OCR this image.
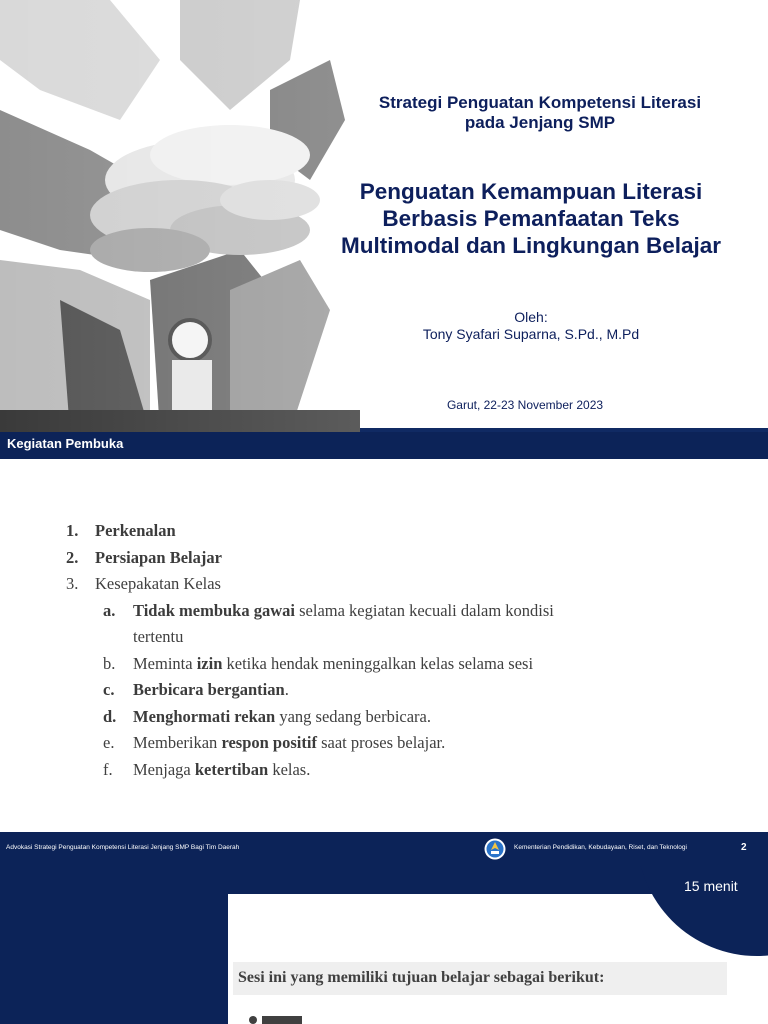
Strategi Penguatan Kompetensi Literasi
pada Jenjang SMP
Penguatan Kemampuan Literasi
Berbasis Pemanfaatan Teks
Multimodal dan Lingkungan Belajar
Oleh:
Tony Syafari Suparna, S.Pd., M.Pd
Garut, 22-23 November 2023
Kegiatan Pembuka
1.	Perkenalan
2.	Persiapan Belajar
3.	Kesepakatan Kelas
a.	Tidak membuka gawai selama kegiatan kecuali dalam kondisi
tertentu
b.	Meminta izin ketika hendak meninggalkan kelas selama sesi
c.	Berbicara bergantian.
d.	Menghormati rekan yang sedang berbicara.
e.	Memberikan respon positif saat proses belajar.
f.	Menjaga ketertiban kelas.
Advokasi Strategi Penguatan Kompetensi Literasi Jenjang SMP Bagi Tim Daerah	Kementerian Pendidikan, Kebudayaan, Riset, dan Teknologi	2
15 menit
Sesi ini yang memiliki tujuan belajar sebagai berikut:
